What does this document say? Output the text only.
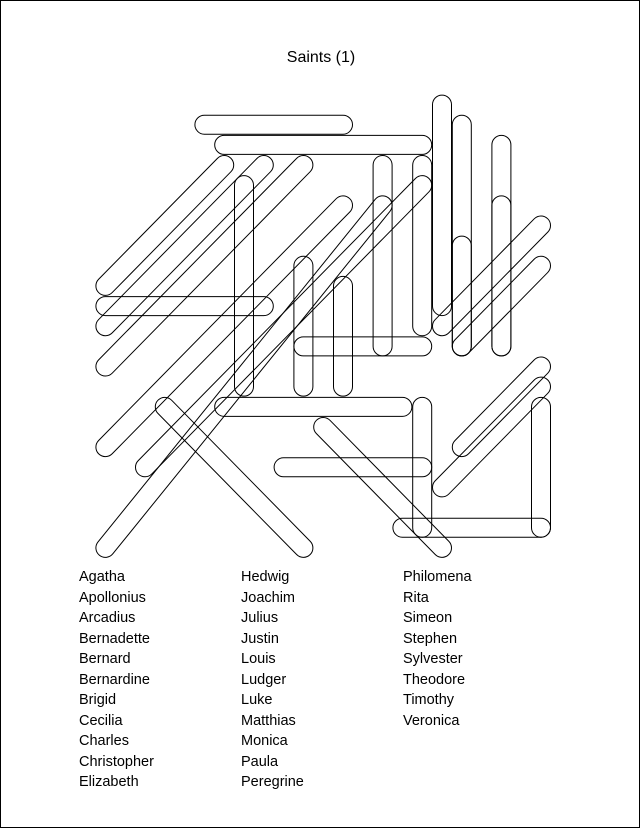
Saints (1)
Agatha
Apollonius
Arcadius
Bernadette
Bernard
Bernardine
Brigid
Cecilia
Charles
Christopher
Elizabeth
Hedwig
Joachim
Julius
Justin
Louis
Ludger
Luke
Matthias
Monica
Paula
Peregrine
Philomena
Rita
Simeon
Stephen
Sylvester
Theodore
Timothy
Veronica
